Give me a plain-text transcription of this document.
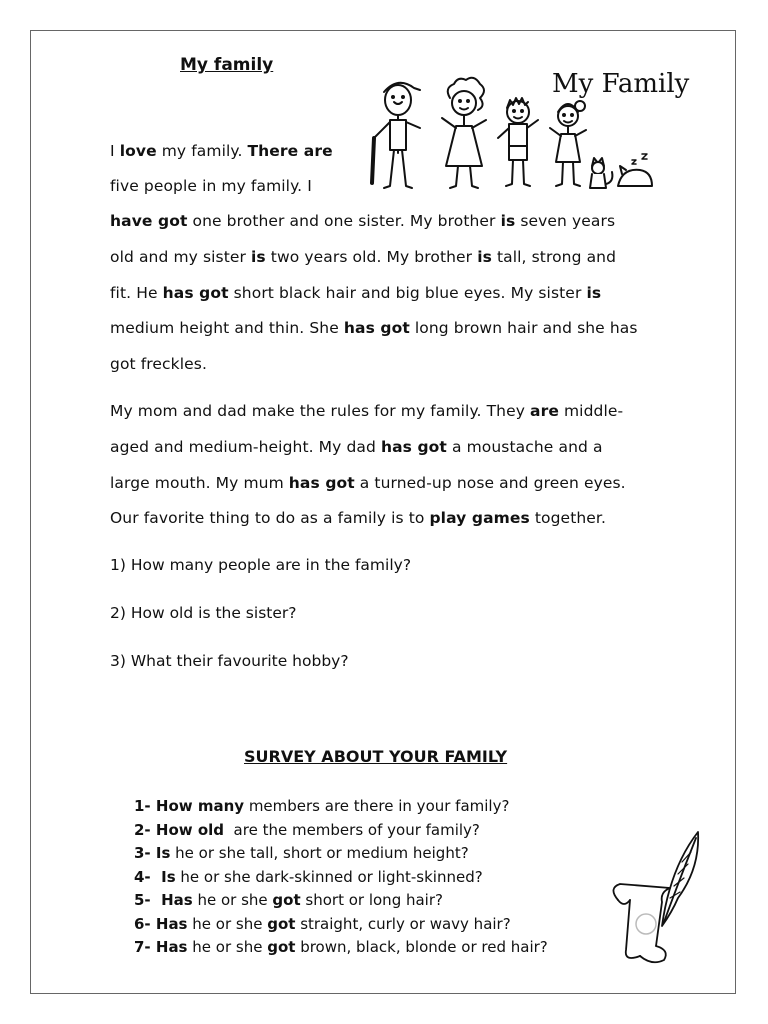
My family
My Family
I love my family. There are
five people in my family. I
have got one brother and one sister. My brother is seven years
old and my sister is two years old. My brother is tall, strong and
fit. He has got short black hair and big blue eyes. My sister is
medium height and thin. She has got long brown hair and she has
got freckles.
My mom and dad make the rules for my family. They are middle-
aged and medium-height. My dad has got a moustache and a
large mouth. My mum has got a turned-up nose and green eyes.
Our favorite thing to do as a family is to play games together.
1) How many people are in the family?
2) How old is the sister?
3) What their favourite hobby?
SURVEY ABOUT YOUR FAMILY
1- How many members are there in your family?
2- How old  are the members of your family?
3- Is he or she tall, short or medium height?
4-  Is he or she dark-skinned or light-skinned?
5-  Has he or she got short or long hair?
6- Has he or she got straight, curly or wavy hair?
7- Has he or she got brown, black, blonde or red hair?
